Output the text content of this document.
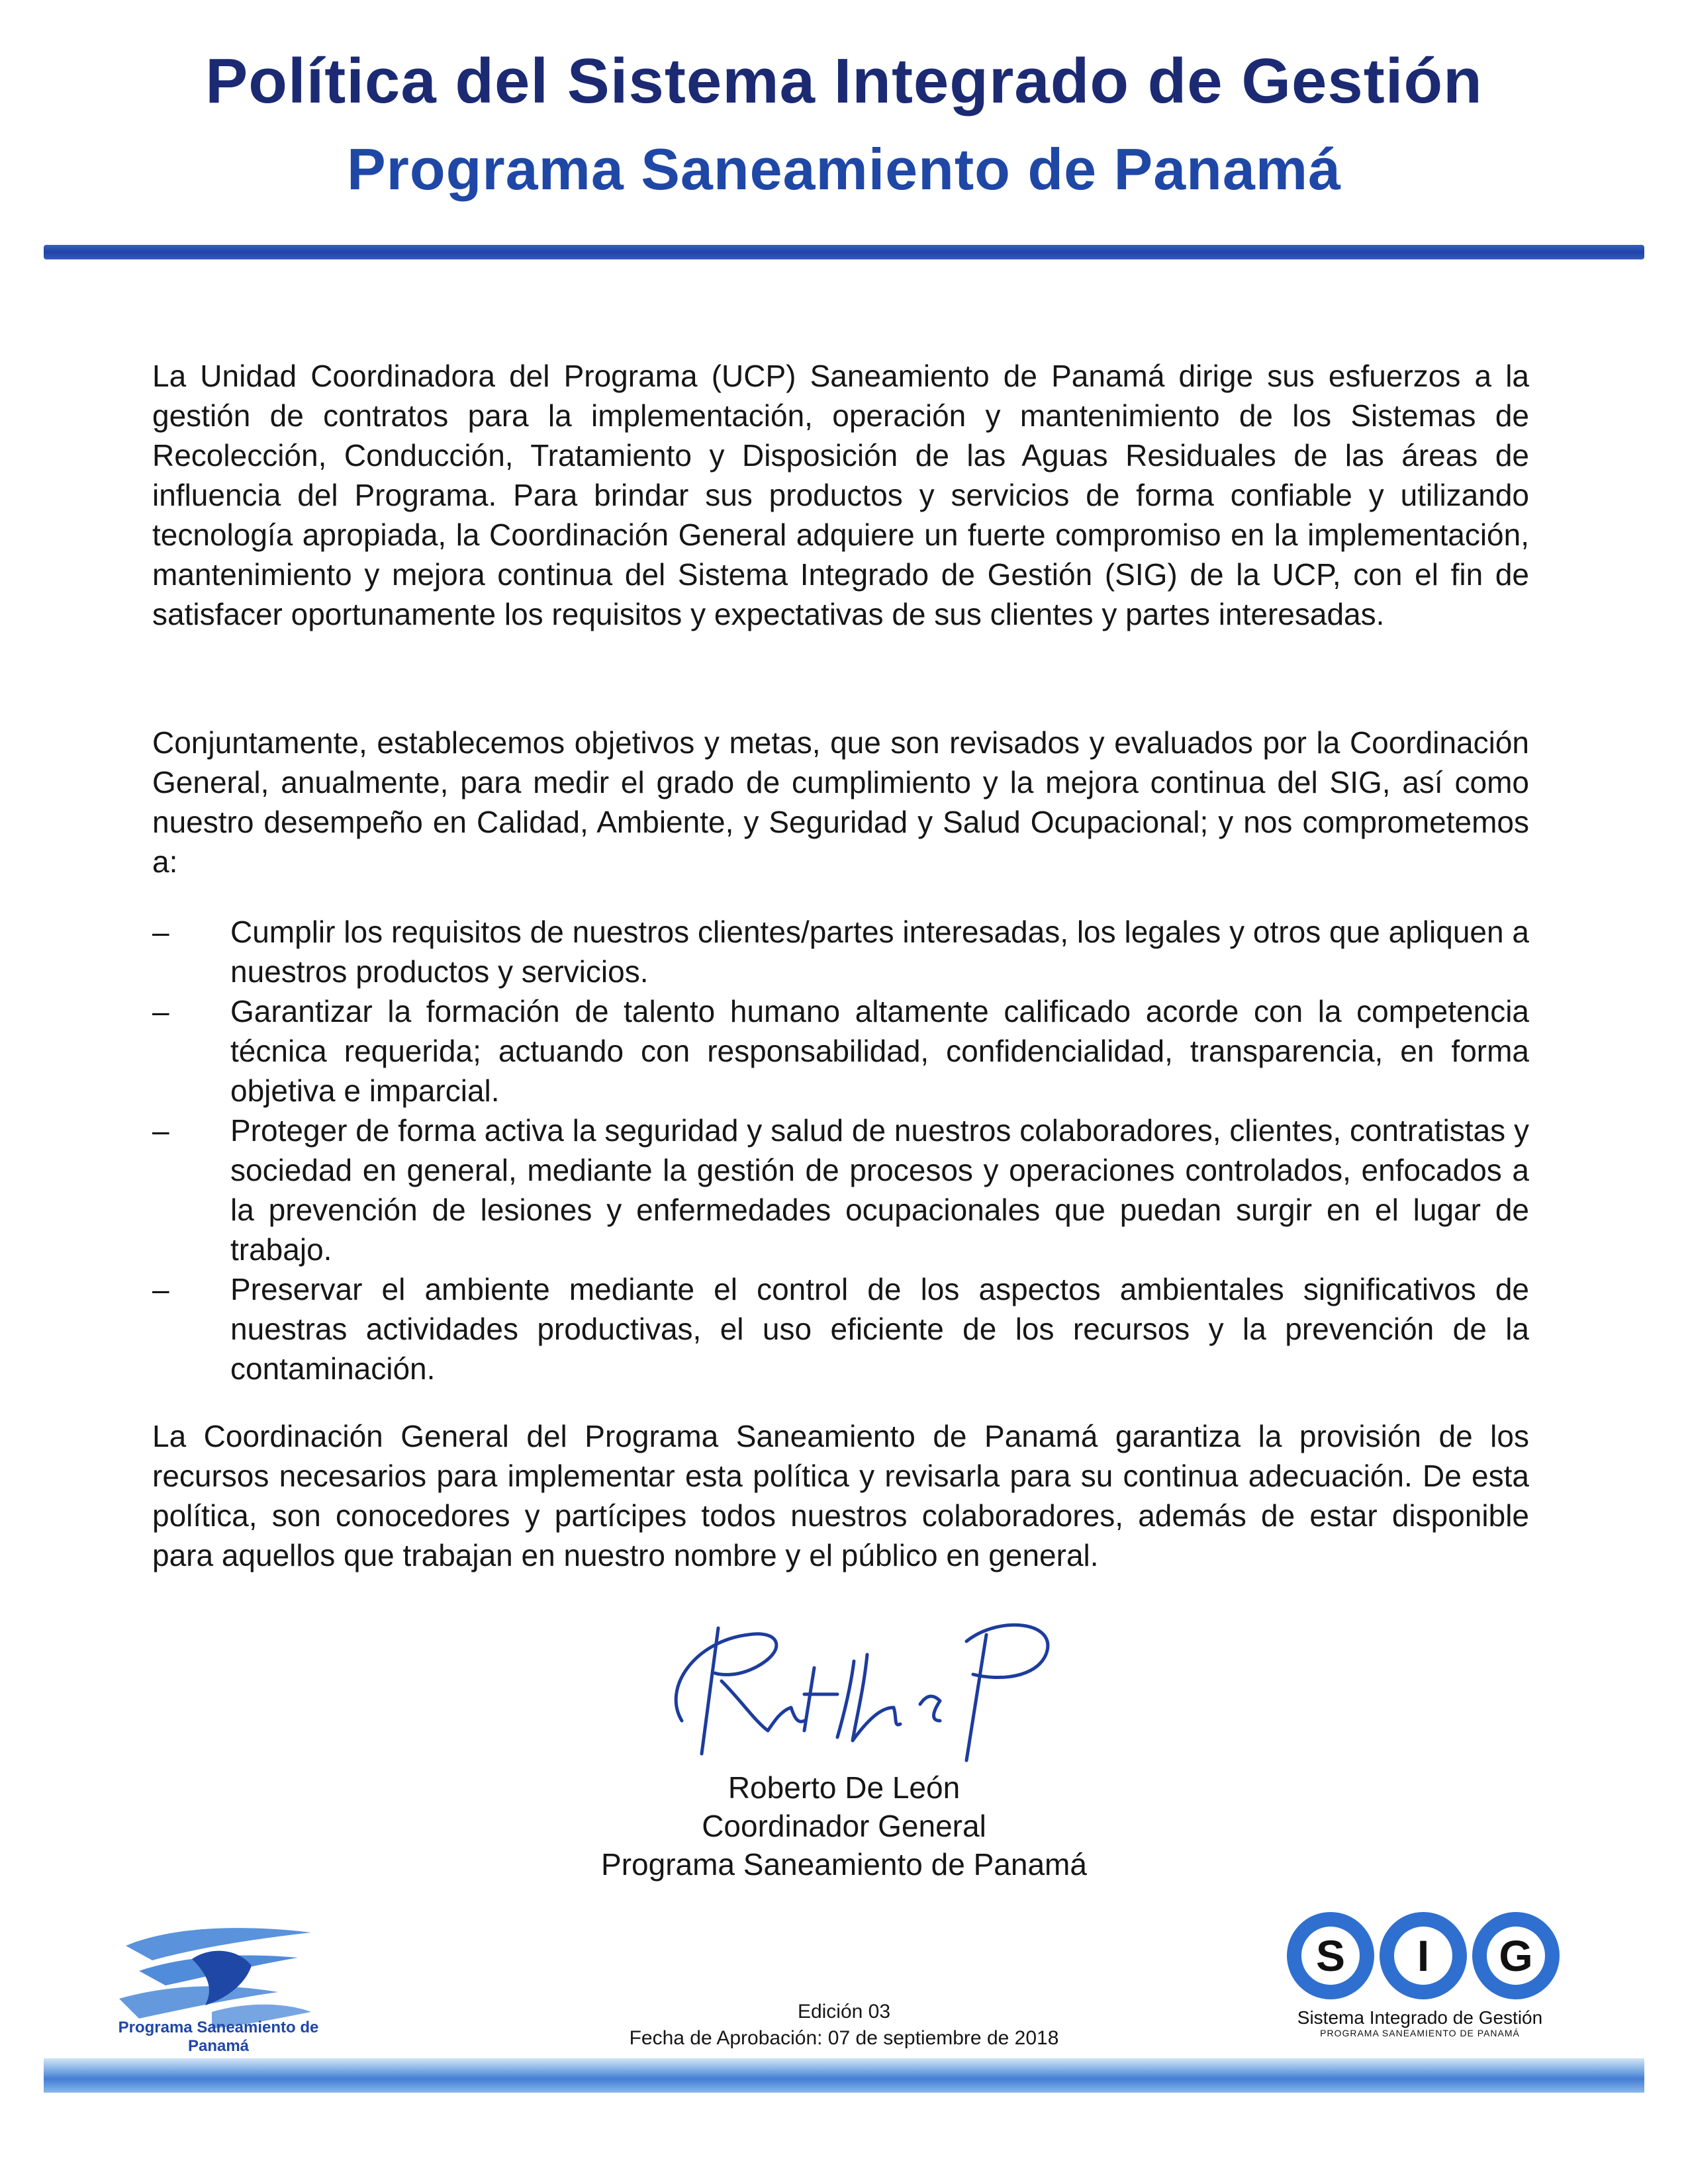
Política del Sistema Integrado de Gestión
Programa Saneamiento de Panamá

La Unidad Coordinadora del Programa (UCP) Saneamiento de Panamá dirige sus esfuerzos a la gestión de contratos para la implementación, operación y mantenimiento de los Sistemas de Recolección, Conducción, Tratamiento y Disposición de las Aguas Residuales de las áreas de influencia del Programa. Para brindar sus productos y servicios de forma confiable y utilizando tecnología apropiada, la Coordinación General adquiere un fuerte compromiso en la implementación, mantenimiento y mejora continua del Sistema Integrado de Gestión (SIG) de la UCP, con el fin de satisfacer oportunamente los requisitos y expectativas de sus clientes y partes interesadas.

Conjuntamente, establecemos objetivos y metas, que son revisados y evaluados por la Coordinación General, anualmente, para medir el grado de cumplimiento y la mejora continua del SIG, así como nuestro desempeño en Calidad, Ambiente, y Seguridad y Salud Ocupacional; y nos comprometemos a:

–	Cumplir los requisitos de nuestros clientes/partes interesadas, los legales y otros que apliquen a nuestros productos y servicios.
–	Garantizar la formación de talento humano altamente calificado acorde con la competencia técnica requerida; actuando con responsabilidad, confidencialidad, transparencia, en forma objetiva e imparcial.
–	Proteger de forma activa la seguridad y salud de nuestros colaboradores, clientes, contratistas y sociedad en general, mediante la gestión de procesos y operaciones controlados, enfocados a la prevención de lesiones y enfermedades ocupacionales que puedan surgir en el lugar de trabajo.
–	Preservar el ambiente mediante el control de los aspectos ambientales significativos de nuestras actividades productivas, el uso eficiente de los recursos y la prevención de la contaminación.

La Coordinación General del Programa Saneamiento de Panamá garantiza la provisión de los recursos necesarios para implementar esta política y revisarla para su continua adecuación. De esta política, son conocedores y partícipes todos nuestros colaboradores, además de estar disponible para aquellos que trabajan en nuestro nombre y el público en general.

Roberto De León
Coordinador General
Programa Saneamiento de Panamá
Programa Saneamiento de Panamá
Edición 03
Fecha de Aprobación: 07 de septiembre de 2018
S I G
Sistema Integrado de Gestión
PROGRAMA SANEAMIENTO DE PANAMÁ
